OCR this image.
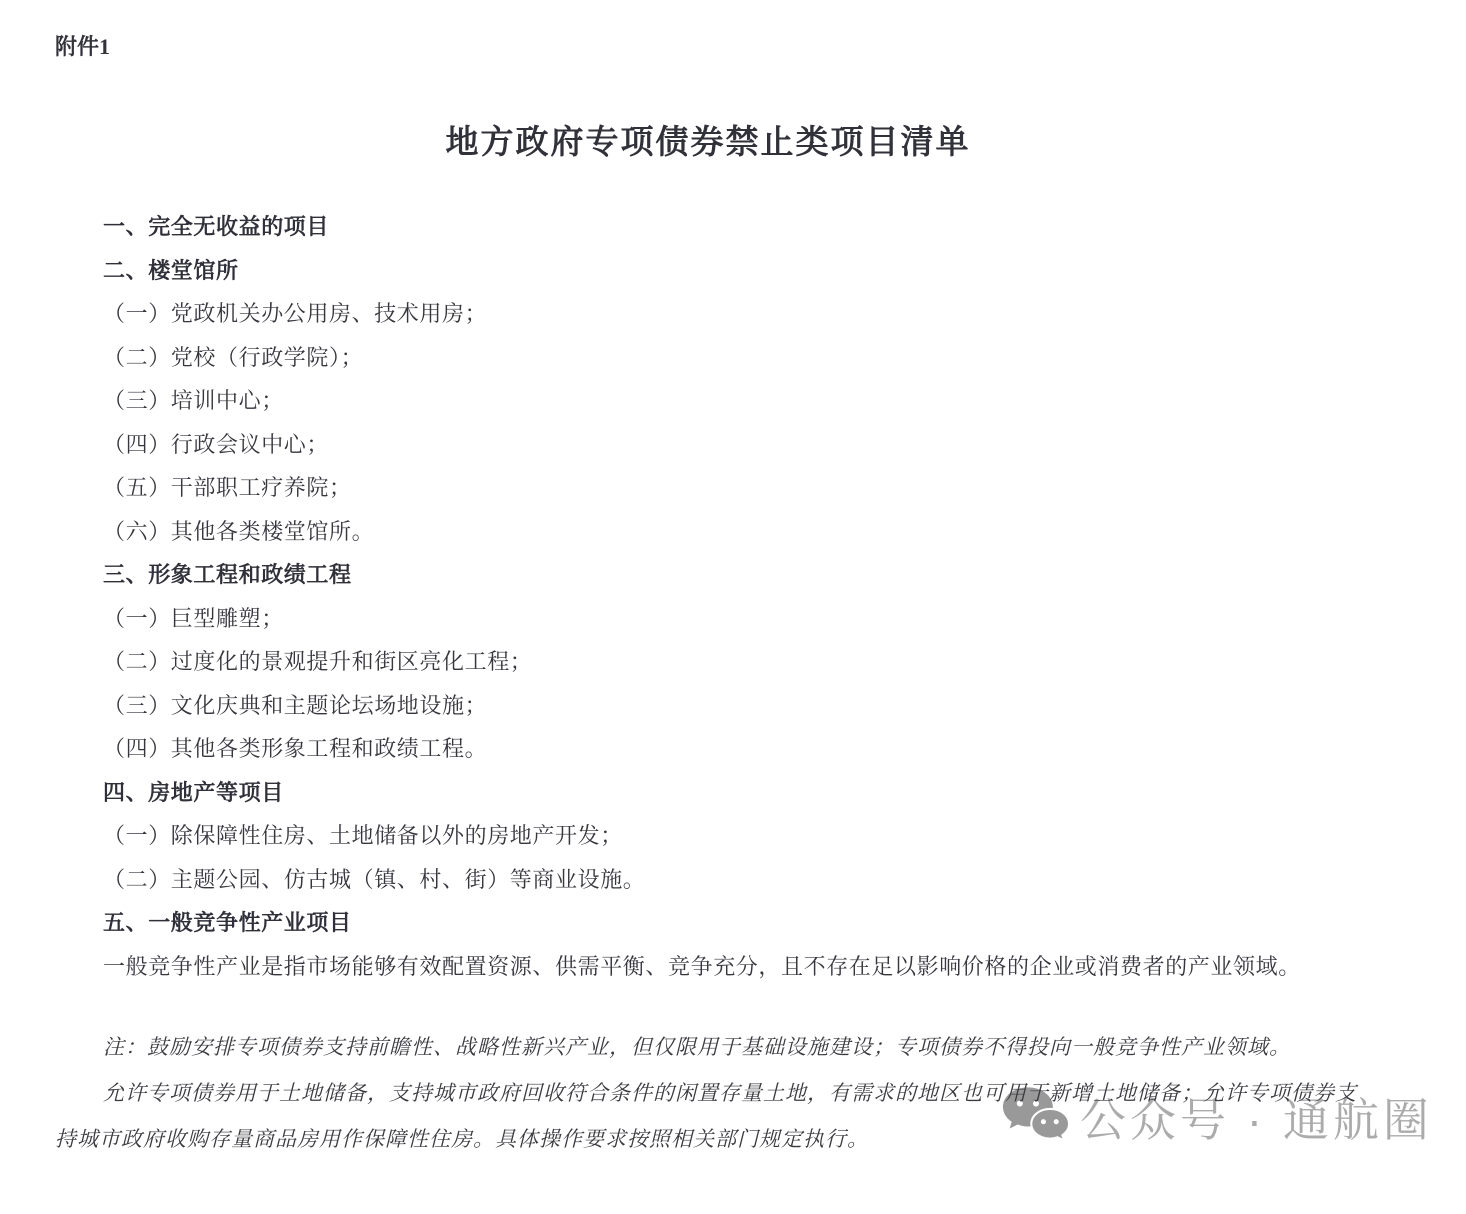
附件1
地方政府专项债券禁止类项目清单
一、完全无收益的项目
二、楼堂馆所
（一）党政机关办公用房、技术用房；
（二）党校（行政学院）；
（三）培训中心；
（四）行政会议中心；
（五）干部职工疗养院；
（六）其他各类楼堂馆所。
三、形象工程和政绩工程
（一）巨型雕塑；
（二）过度化的景观提升和街区亮化工程；
（三）文化庆典和主题论坛场地设施；
（四）其他各类形象工程和政绩工程。
四、房地产等项目
（一）除保障性住房、土地储备以外的房地产开发；
（二）主题公园、仿古城（镇、村、街）等商业设施。
五、一般竞争性产业项目
一般竞争性产业是指市场能够有效配置资源、供需平衡、竞争充分，且不存在足以影响价格的企业或消费者的产业领域。
公众号 · 通航圈

注：鼓励安排专项债券支持前瞻性、战略性新兴产业，但仅限用于基础设施建设；专项债券不得投向一般竞争性产业领域。

允许专项债券用于土地储备，支持城市政府回收符合条件的闲置存量土地，有需求的地区也可用于新增土地储备；允许专项债券支持城市政府收购存量商品房用作保障性住房。具体操作要求按照相关部门规定执行。
